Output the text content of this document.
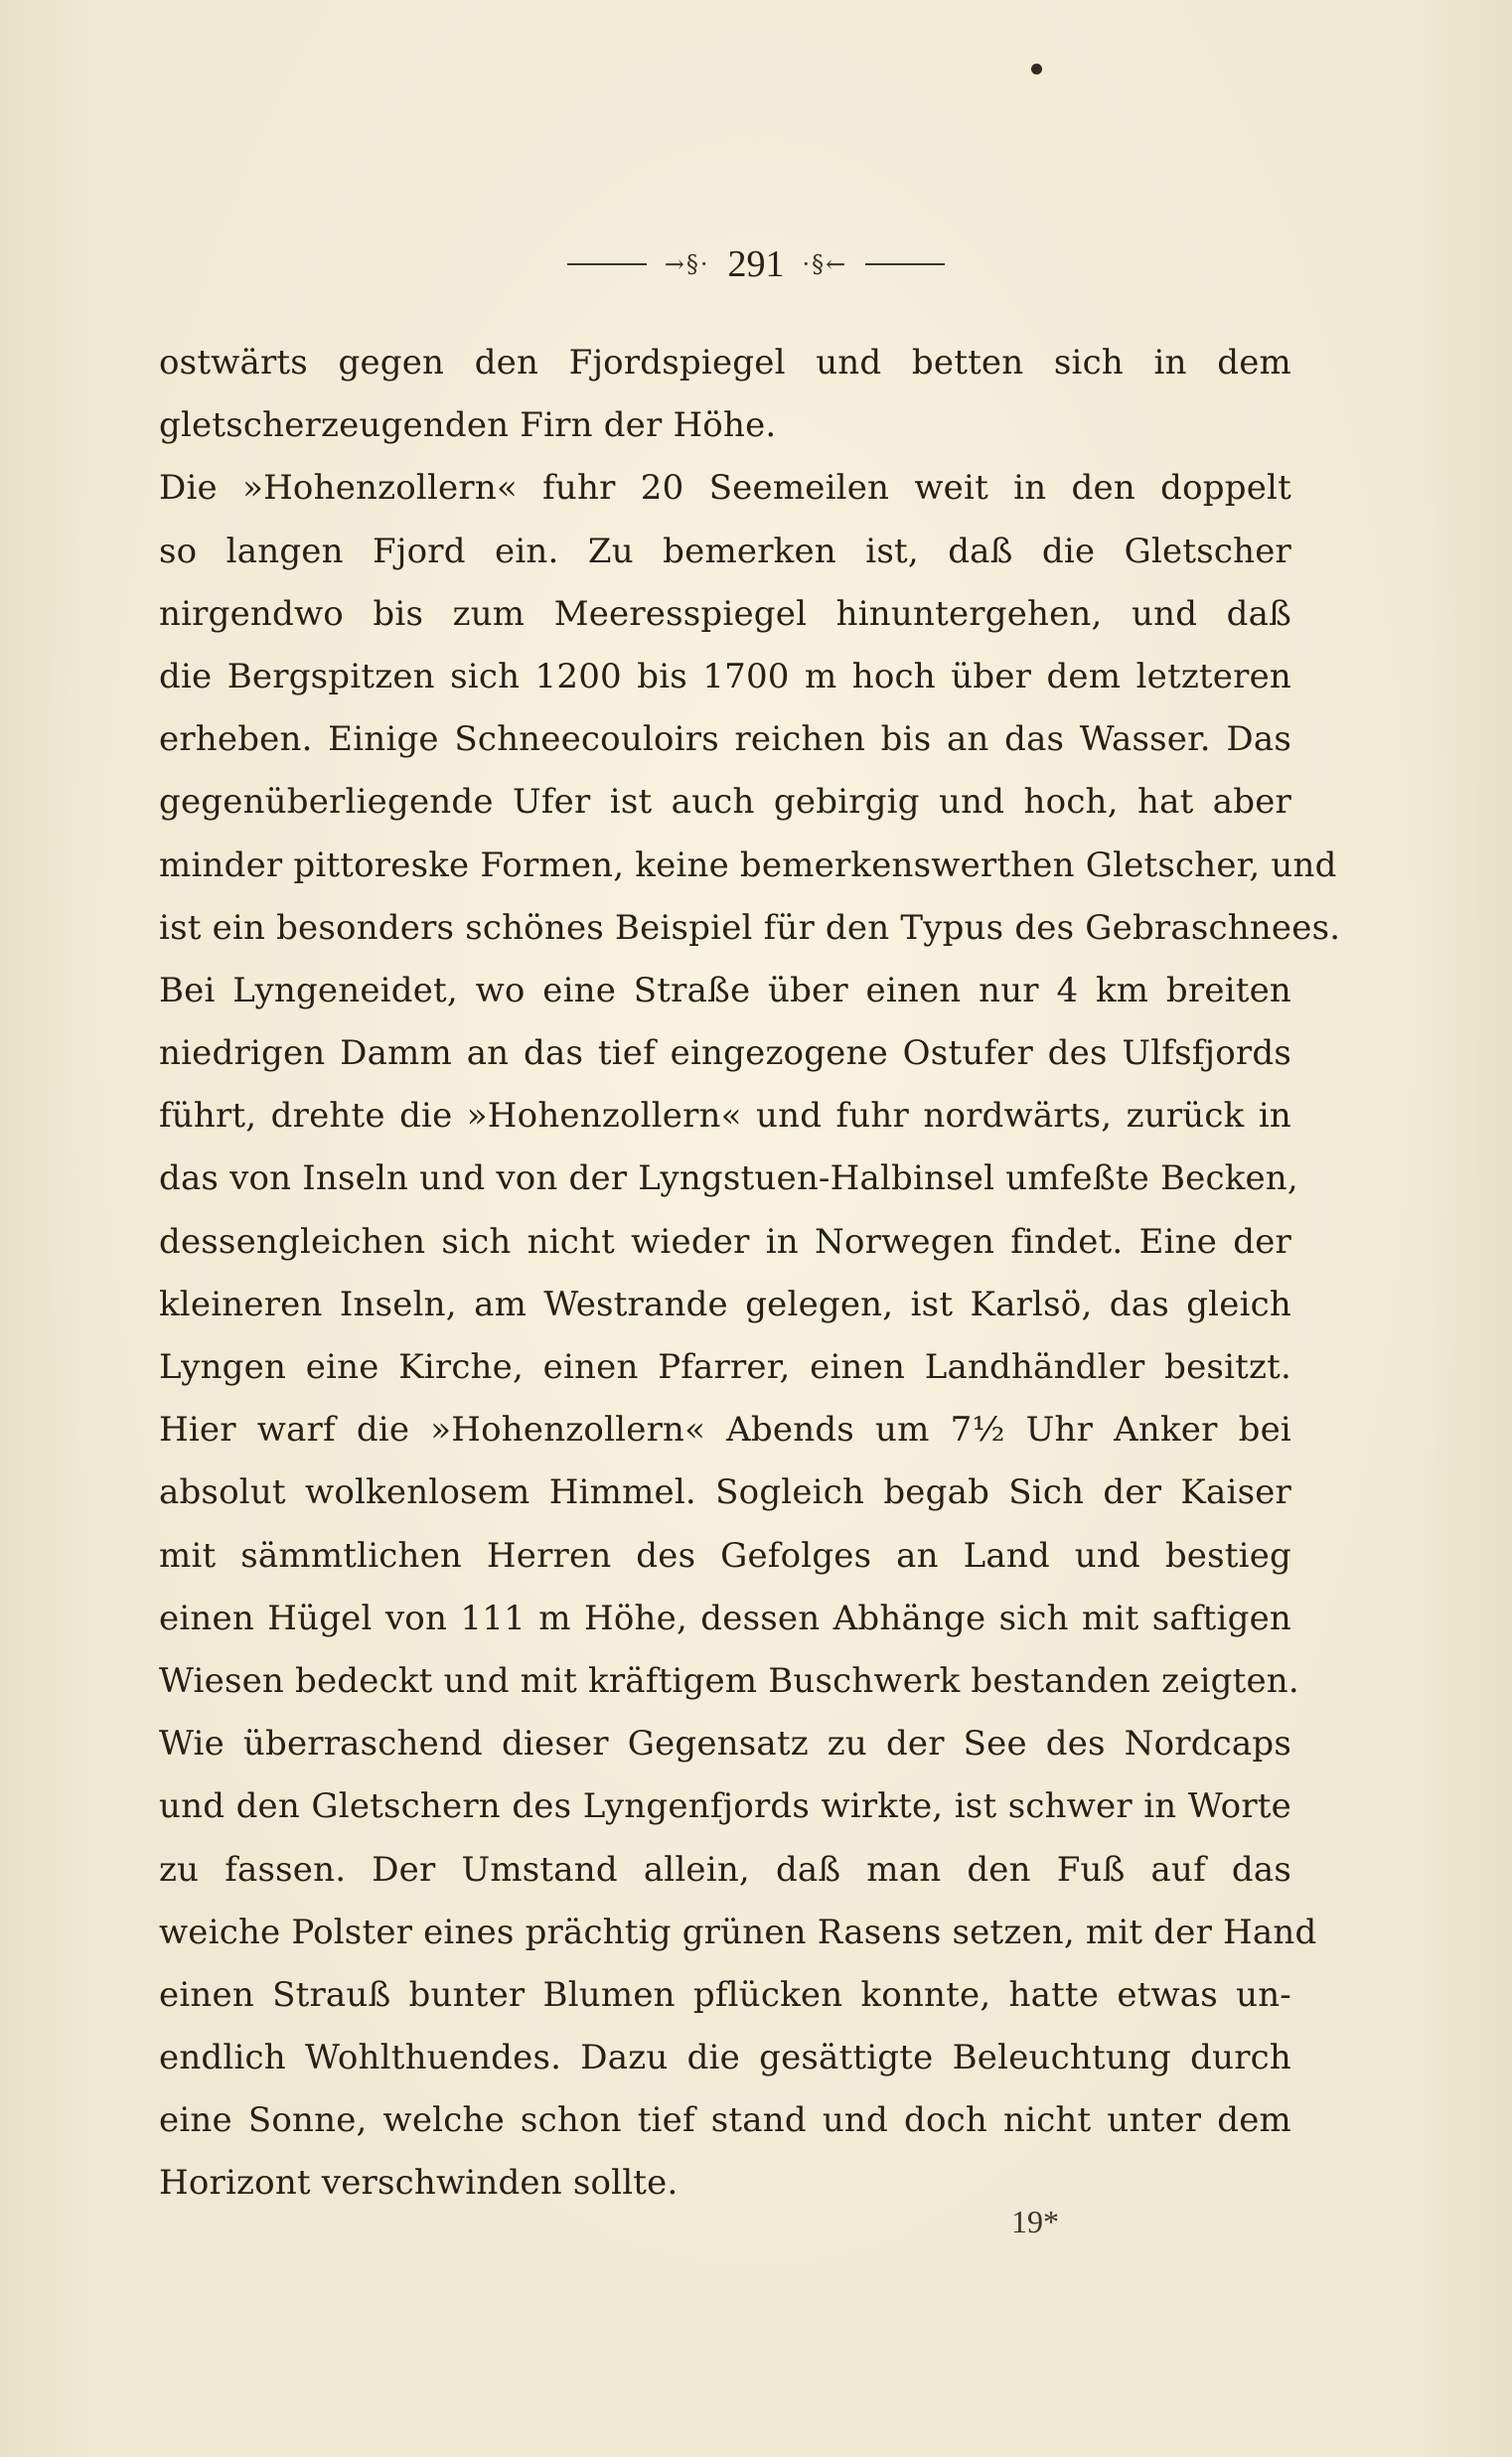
→§· 291 ·§←
ostwärts gegen den Fjordspiegel und betten sich in dem
gletscherzeugenden Firn der Höhe.
Die »Hohenzollern« fuhr 20 Seemeilen weit in den doppelt
so langen Fjord ein. Zu bemerken ist, daß die Gletscher
nirgendwo bis zum Meeresspiegel hinuntergehen, und daß
die Bergspitzen sich 1200 bis 1700 m hoch über dem letzteren
erheben. Einige Schneecouloirs reichen bis an das Wasser. Das
gegenüberliegende Ufer ist auch gebirgig und hoch, hat aber
minder pittoreske Formen, keine bemerkenswerthen Gletscher, und
ist ein besonders schönes Beispiel für den Typus des Gebraschnees.
Bei Lyngeneidet, wo eine Straße über einen nur 4 km breiten
niedrigen Damm an das tief eingezogene Ostufer des Ulfsfjords
führt, drehte die »Hohenzollern« und fuhr nordwärts, zurück in
das von Inseln und von der Lyngstuen-Halbinsel umfeßte Becken,
dessengleichen sich nicht wieder in Norwegen findet. Eine der
kleineren Inseln, am Westrande gelegen, ist Karlsö, das gleich
Lyngen eine Kirche, einen Pfarrer, einen Landhändler besitzt.
Hier warf die »Hohenzollern« Abends um 7½ Uhr Anker bei
absolut wolkenlosem Himmel. Sogleich begab Sich der Kaiser
mit sämmtlichen Herren des Gefolges an Land und bestieg
einen Hügel von 111 m Höhe, dessen Abhänge sich mit saftigen
Wiesen bedeckt und mit kräftigem Buschwerk bestanden zeigten.
Wie überraschend dieser Gegensatz zu der See des Nordcaps
und den Gletschern des Lyngenfjords wirkte, ist schwer in Worte
zu fassen. Der Umstand allein, daß man den Fuß auf das
weiche Polster eines prächtig grünen Rasens setzen, mit der Hand
einen Strauß bunter Blumen pflücken konnte, hatte etwas un-
endlich Wohlthuendes. Dazu die gesättigte Beleuchtung durch
eine Sonne, welche schon tief stand und doch nicht unter dem
Horizont verschwinden sollte.
19*
